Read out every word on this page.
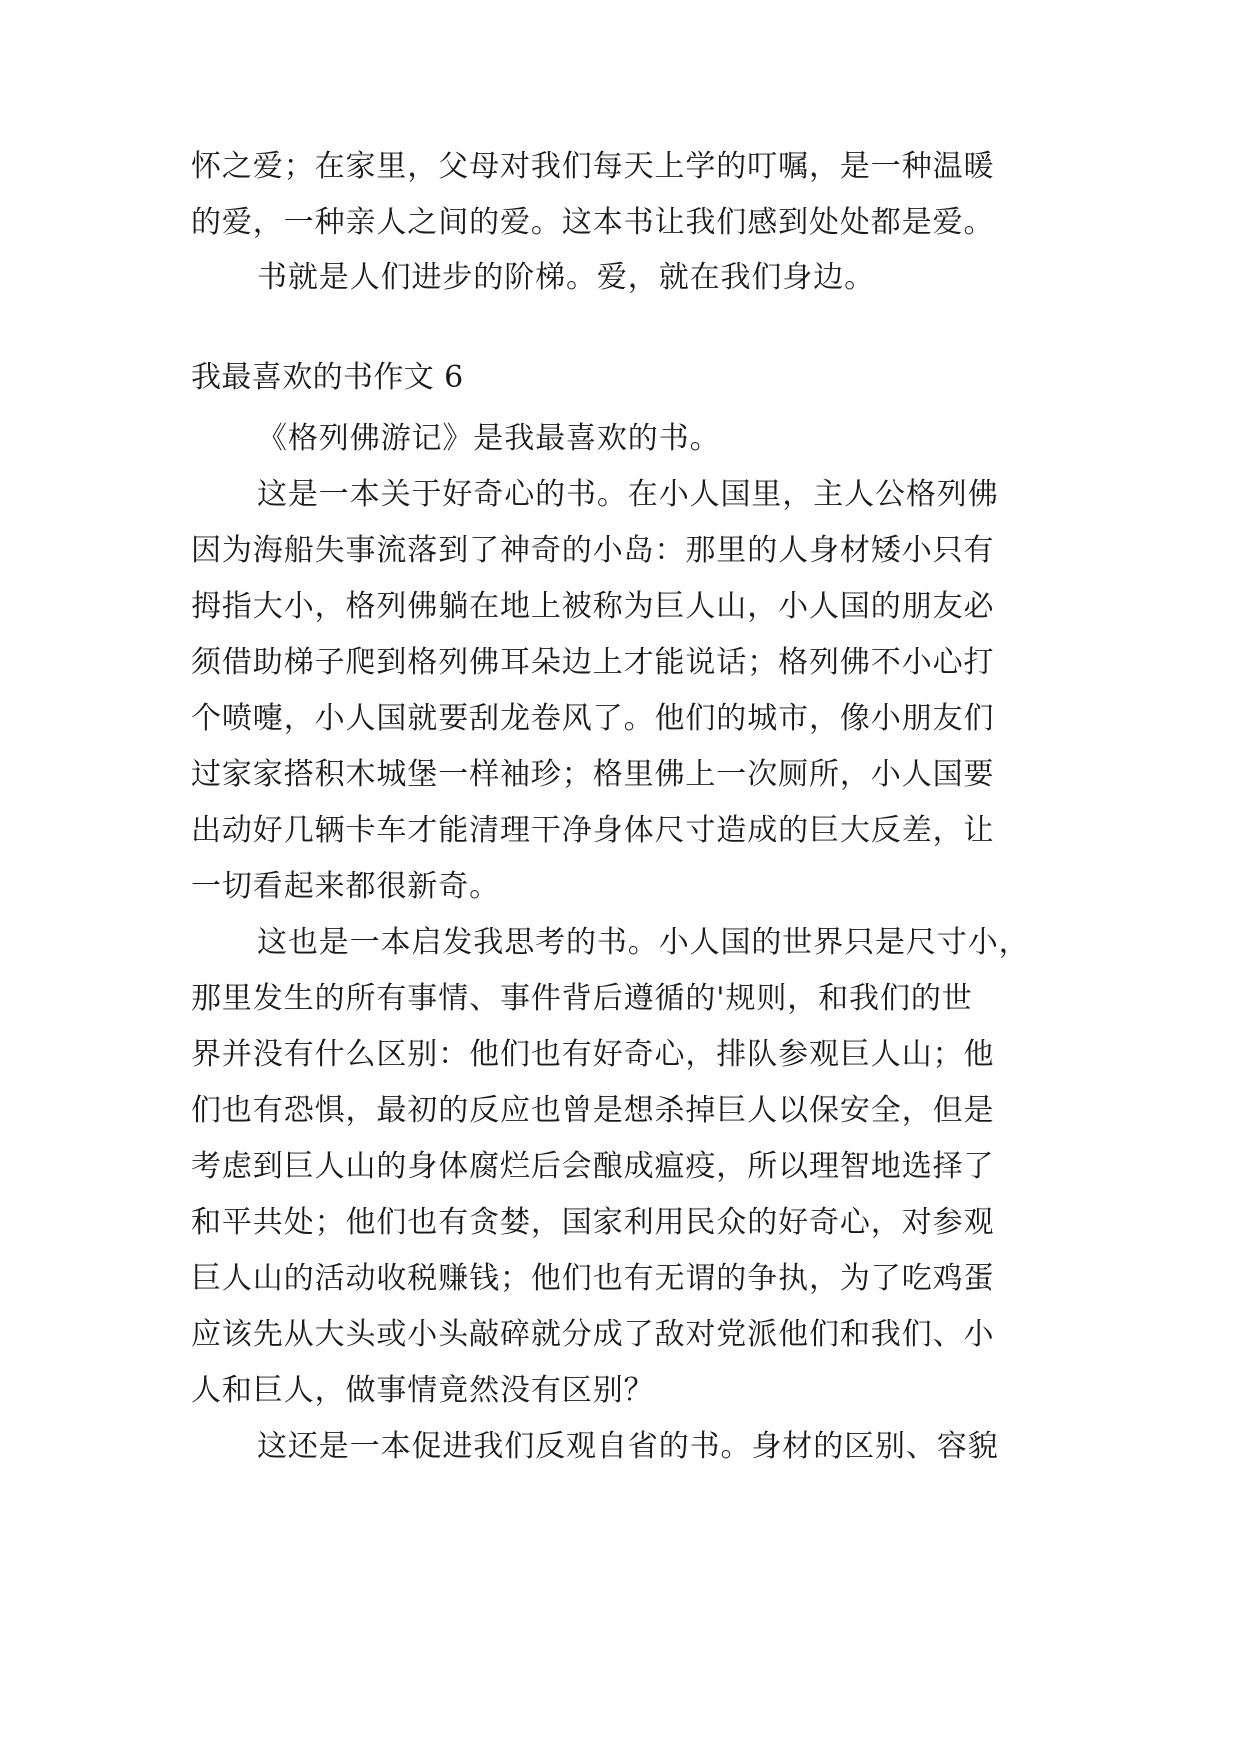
怀之爱；在家里，父母对我们每天上学的叮嘱，是一种温暖
的爱，一种亲人之间的爱。这本书让我们感到处处都是爱。
书就是人们进步的阶梯。爱，就在我们身边。
我最喜欢的书作文 6
《格列佛游记》是我最喜欢的书。
这是一本关于好奇心的书。在小人国里，主人公格列佛
因为海船失事流落到了神奇的小岛：那里的人身材矮小只有
拇指大小，格列佛躺在地上被称为巨人山，小人国的朋友必
须借助梯子爬到格列佛耳朵边上才能说话；格列佛不小心打
个喷嚏，小人国就要刮龙卷风了。他们的城市，像小朋友们
过家家搭积木城堡一样袖珍；格里佛上一次厕所，小人国要
出动好几辆卡车才能清理干净身体尺寸造成的巨大反差，让
一切看起来都很新奇。
这也是一本启发我思考的书。小人国的世界只是尺寸小，
那里发生的所有事情、事件背后遵循的'规则，和我们的世
界并没有什么区别：他们也有好奇心，排队参观巨人山；他
们也有恐惧，最初的反应也曾是想杀掉巨人以保安全，但是
考虑到巨人山的身体腐烂后会酿成瘟疫，所以理智地选择了
和平共处；他们也有贪婪，国家利用民众的好奇心，对参观
巨人山的活动收税赚钱；他们也有无谓的争执，为了吃鸡蛋
应该先从大头或小头敲碎就分成了敌对党派他们和我们、小
人和巨人，做事情竟然没有区别？
这还是一本促进我们反观自省的书。身材的区别、容貌
